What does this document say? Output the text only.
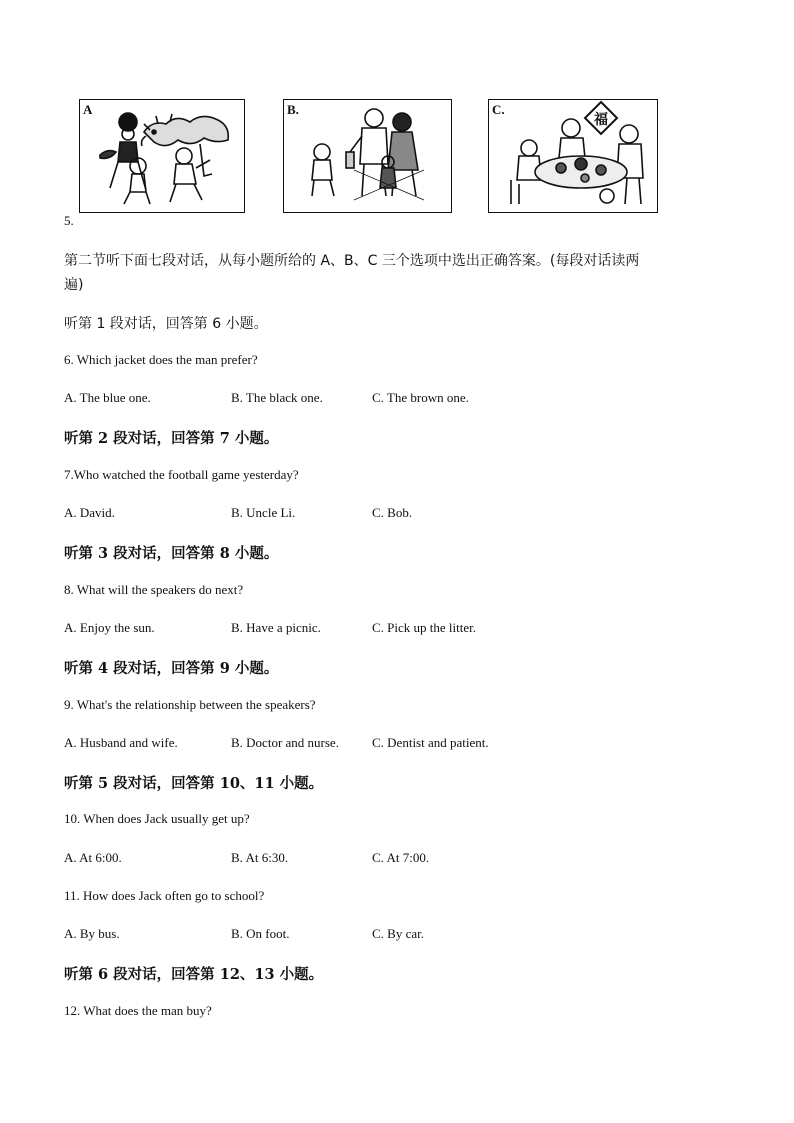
A	B.	C.
福
5.
第二节听下面七段对话，从每小题所给的 A、B、C 三个选项中选出正确答案。(每段对话读两
遍)
听第 1 段对话，回答第 6 小题。
6. Which jacket does the man prefer?
A. The blue one.	B. The black one.	C. The brown one.
听第 2 段对话，回答第 7 小题。
7.Who watched the football game yesterday?
A. David.	B. Uncle Li.	C. Bob.
听第 3 段对话，回答第 8 小题。
8. What will the speakers do next?
A. Enjoy the sun.	B. Have a picnic.	C. Pick up the litter.
听第 4 段对话，回答第 9 小题。
9. What's the relationship between the speakers?
A. Husband and wife.	B. Doctor and nurse.	C. Dentist and patient.
听第 5 段对话，回答第 10、11 小题。
10. When does Jack usually get up?
A. At 6:00.	B. At 6:30.	C. At 7:00.
11. How does Jack often go to school?
A. By bus.	B. On foot.	C. By car.
听第 6 段对话，回答第 12、13 小题。
12. What does the man buy?
